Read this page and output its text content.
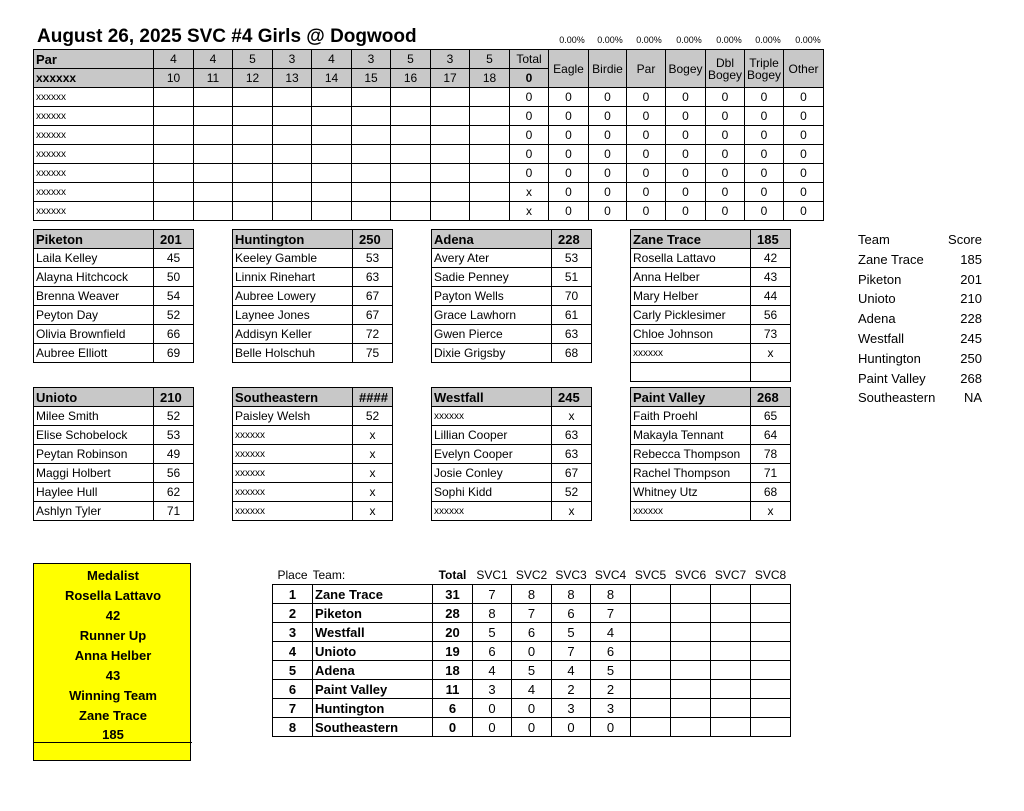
August 26, 2025 SVC #4 Girls @ Dogwood	0.00%	0.00%	0.00%	0.00%	0.00%	0.00%	0.00%
Par	4	4	5	3	4	3	5	3	5	Total	Eagle	Birdie	Par	Bogey	Dbl Bogey	Triple Bogey	Other
xxxxxx	10	11	12	13	14	15	16	17	18	0							
xxxxxx										0	0	0	0	0	0	0	0
xxxxxx										0	0	0	0	0	0	0	0
xxxxxx										0	0	0	0	0	0	0	0
xxxxxx										0	0	0	0	0	0	0	0
xxxxxx										0	0	0	0	0	0	0	0
xxxxxx										x	0	0	0	0	0	0	0
xxxxxx										x	0	0	0	0	0	0	0
Piketon	201
Laila Kelley	45
Alayna Hitchcock	50
Brenna Weaver	54
Peyton Day	52
Olivia Brownfield	66
Aubree Elliott	69
Huntington	250
Keeley Gamble	53
Linnix Rinehart	63
Aubree Lowery	67
Laynee Jones	67
Addisyn Keller	72
Belle Holschuh	75
Adena	228
Avery Ater	53
Sadie Penney	51
Payton Wells	70
Grace Lawhorn	61
Gwen Pierce	63
Dixie Grigsby	68
Zane Trace	185
Rosella Lattavo	42
Anna Helber	43
Mary Helber	44
Carly Picklesimer	56
Chloe Johnson	73
xxxxxx	x

Unioto	210
Milee Smith	52
Elise Schobelock	53
Peytan Robinson	49
Maggi Holbert	56
Haylee Hull	62
Ashlyn Tyler	71
Southeastern	####
Paisley Welsh	52
xxxxxx	x
xxxxxx	x
xxxxxx	x
xxxxxx	x
xxxxxx	x
Westfall	245
xxxxxx	x
Lillian Cooper	63
Evelyn Cooper	63
Josie Conley	67
Sophi Kidd	52
xxxxxx	x
Paint Valley	268
Faith Proehl	65
Makayla Tennant	64
Rebecca Thompson	78
Rachel Thompson	71
Whitney Utz	68
xxxxxx	x
Team	Score
Zane Trace	185
Piketon	201
Unioto	210
Adena	228
Westfall	245
Huntington	250
Paint Valley	268
Southeastern NA
Medalist
Rosella Lattavo
42
Runner Up
Anna Helber
43
Winning Team
Zane Trace
185
Place	Team:	Total	SVC1	SVC2	SVC3	SVC4	SVC5	SVC6	SVC7	SVC8
1	Zane Trace	31	7	8	8	8				
2	Piketon	28	8	7	6	7				
3	Westfall	20	5	6	5	4				
4	Unioto	19	6	0	7	6				
5	Adena	18	4	5	4	5				
6	Paint Valley	11	3	4	2	2				
7	Huntington	6	0	0	3	3				
8	Southeastern	0	0	0	0	0				
